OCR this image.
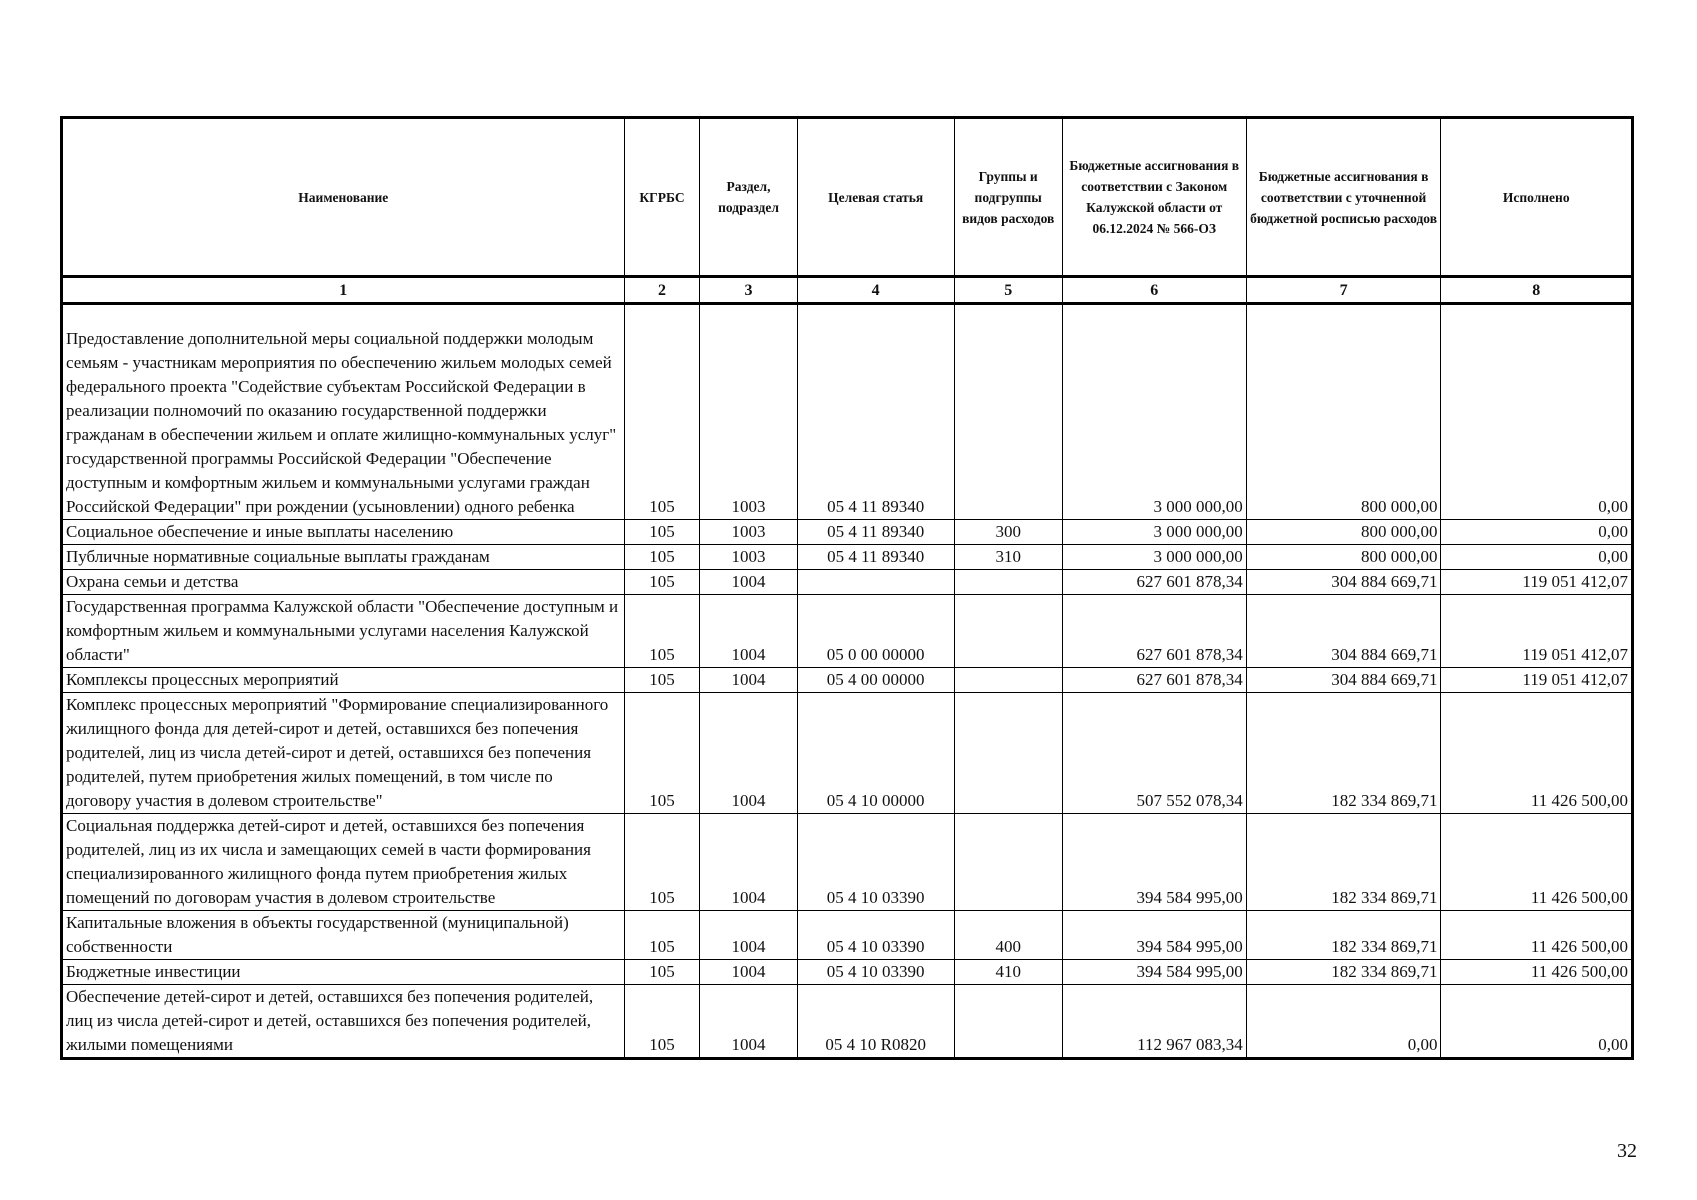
Наименование	КГРБС	Раздел, подраздел	Целевая статья	Группы и подгруппы видов расходов	Бюджетные ассигнования в соответствии с Законом Калужской области от 06.12.2024 № 566-ОЗ	Бюджетные ассигнования в соответствии с уточненной бюджетной росписью расходов	Исполнено
1	2	3	4	5	6	7	8
Предоставление дополнительной меры социальной поддержки молодым семьям - участникам мероприятия по обеспечению жильем молодых семей федерального проекта "Содействие субъектам Российской Федерации в реализации полномочий по оказанию государственной поддержки гражданам в обеспечении жильем и оплате жилищно-коммунальных услуг" государственной программы Российской Федерации "Обеспечение доступным и комфортным жильем и коммунальными услугами граждан Российской Федерации" при рождении (усыновлении) одного ребенка	105	1003	05 4 11 89340		3 000 000,00	800 000,00	0,00
Социальное обеспечение и иные выплаты населению	105	1003	05 4 11 89340	300	3 000 000,00	800 000,00	0,00
Публичные нормативные социальные выплаты гражданам	105	1003	05 4 11 89340	310	3 000 000,00	800 000,00	0,00
Охрана семьи и детства	105	1004			627 601 878,34	304 884 669,71	119 051 412,07
Государственная программа Калужской области "Обеспечение доступным и комфортным жильем и коммунальными услугами населения Калужской области"	105	1004	05 0 00 00000		627 601 878,34	304 884 669,71	119 051 412,07
Комплексы процессных мероприятий	105	1004	05 4 00 00000		627 601 878,34	304 884 669,71	119 051 412,07
Комплекс процессных мероприятий "Формирование специализированного жилищного фонда для детей-сирот и детей, оставшихся без попечения родителей, лиц из числа детей-сирот и детей, оставшихся без попечения родителей, путем приобретения жилых помещений, в том числе по договору участия в долевом строительстве"	105	1004	05 4 10 00000		507 552 078,34	182 334 869,71	11 426 500,00
Социальная поддержка детей-сирот и детей, оставшихся без попечения родителей, лиц из их числа и замещающих семей в части формирования специализированного жилищного фонда путем приобретения жилых помещений по договорам участия в долевом строительстве	105	1004	05 4 10 03390		394 584 995,00	182 334 869,71	11 426 500,00
Капитальные вложения в объекты государственной (муниципальной) собственности	105	1004	05 4 10 03390	400	394 584 995,00	182 334 869,71	11 426 500,00
Бюджетные инвестиции	105	1004	05 4 10 03390	410	394 584 995,00	182 334 869,71	11 426 500,00
Обеспечение детей-сирот и детей, оставшихся без попечения родителей, лиц из числа детей-сирот и детей, оставшихся без попечения родителей, жилыми помещениями	105	1004	05 4 10 R0820		112 967 083,34	0,00	0,00
32
